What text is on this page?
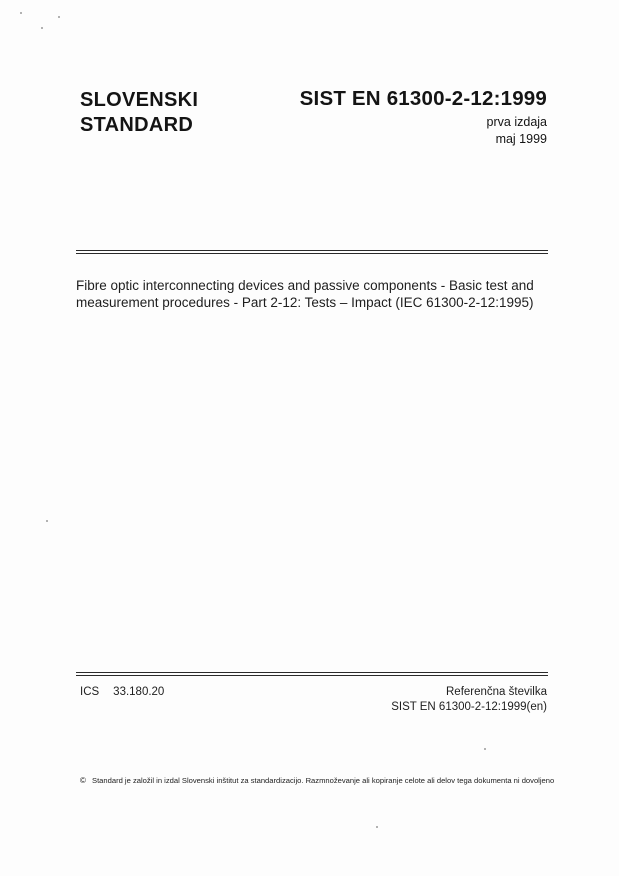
SLOVENSKI
STANDARD
SIST EN 61300-2-12:1999
prva izdaja
maj 1999
Fibre optic interconnecting devices and passive components - Basic test and
measurement procedures - Part 2-12: Tests – Impact (IEC 61300-2-12:1995)
ICS 33.180.20	Referenčna številka
SIST EN 61300-2-12:1999(en)
© Standard je založil in izdal Slovenski inštitut za standardizacijo. Razmnoževanje ali kopiranje celote ali delov tega dokumenta ni dovoljeno
